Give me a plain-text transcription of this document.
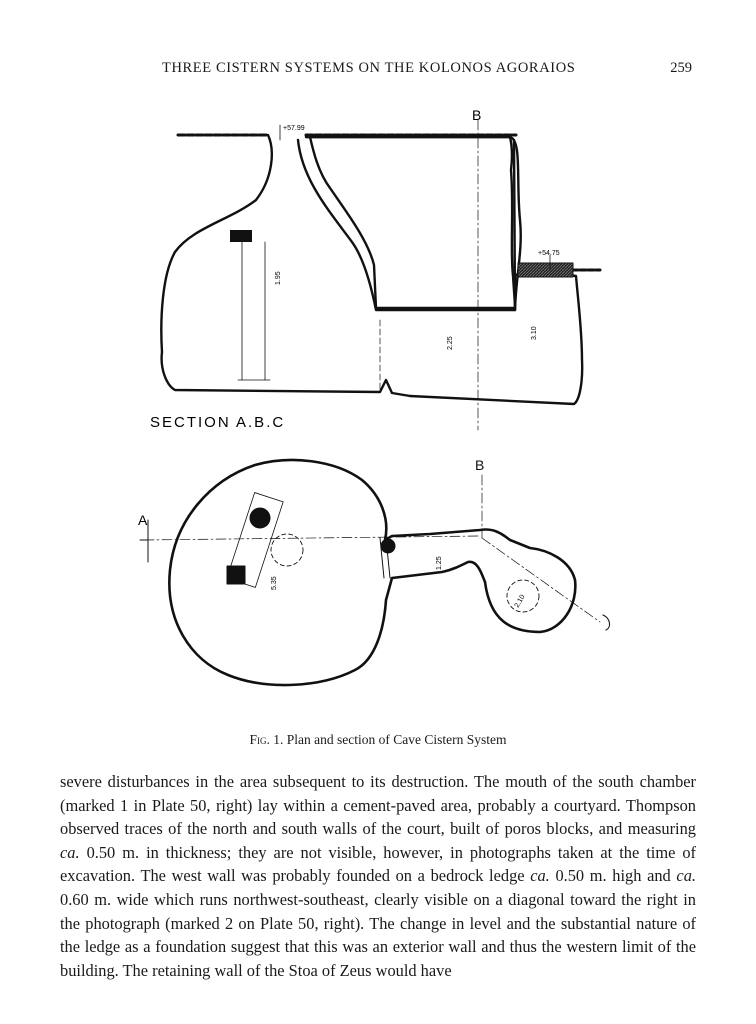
THREE CISTERN SYSTEMS ON THE KOLONOS AGORAIOS	259
B
+57.99
+54.75
1.95
2.25
3.10
SECTION A.B.C
B
A
5.35
1.25
2.10
Fig. 1. Plan and section of Cave Cistern System

severe disturbances in the area subsequent to its destruction. The mouth of the south chamber (marked 1 in Plate 50, right) lay within a cement-paved area, probably a courtyard. Thompson observed traces of the north and south walls of the court, built of poros blocks, and measuring ca. 0.50 m. in thickness; they are not visible, however, in photographs taken at the time of excavation. The west wall was probably founded on a bedrock ledge ca. 0.50 m. high and ca. 0.60 m. wide which runs northwest-southeast, clearly visible on a diagonal toward the right in the photograph (marked 2 on Plate 50, right). The change in level and the substantial nature of the ledge as a foundation suggest that this was an exterior wall and thus the western limit of the building. The retaining wall of the Stoa of Zeus would have
